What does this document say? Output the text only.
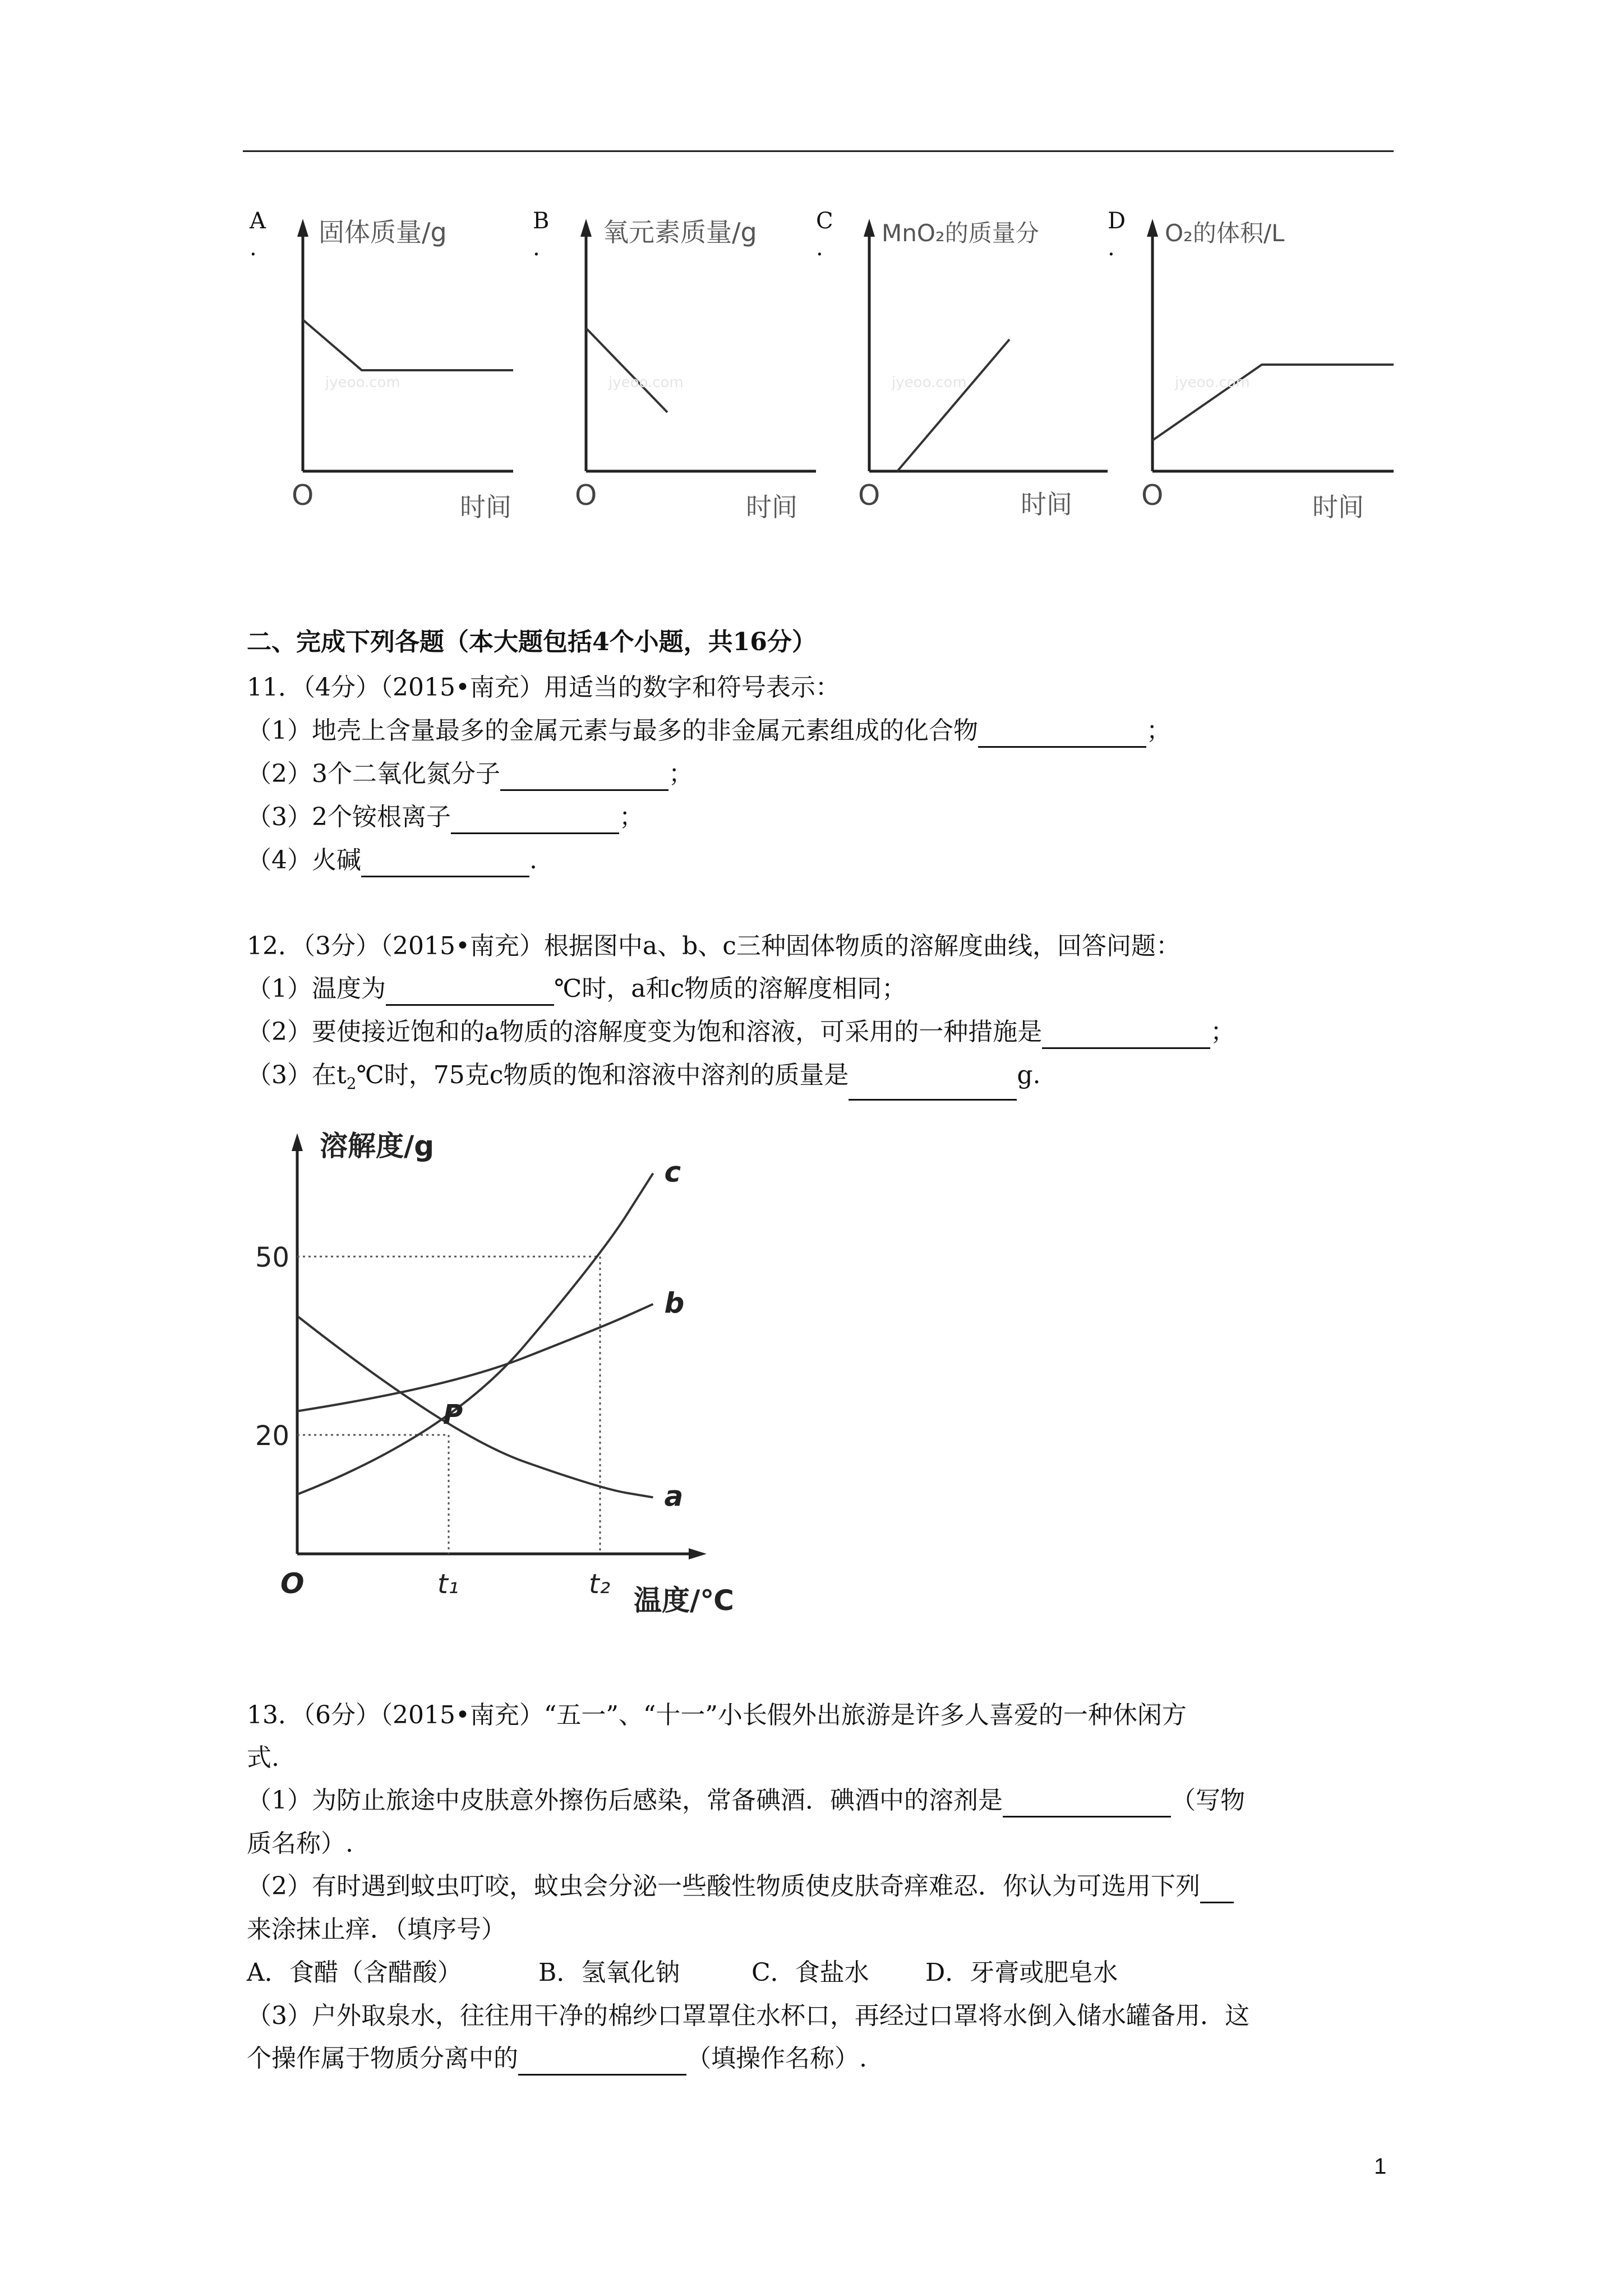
A
.
B
.
C
.
D
.
固体质量/g
O	时间
jyeoo.com
氧元素质量/g
O	时间
jyeoo.com
MnO₂的质量分
O	时间
jyeoo.com
O₂的体积/L
O	时间
jyeoo.com
二、完成下列各题（本大题包括4个小题，共16分）
11．（4分）（2015•南充）用适当的数字和符号表示：
（1）地壳上含量最多的金属元素与最多的非金属元素组成的化合物	；
（2）3个二氧化氮分子	；
（3）2个铵根离子	；
（4）火碱	.
12．（3分）（2015•南充）根据图中a、b、c三种固体物质的溶解度曲线，回答问题：
（1）温度为	℃时，a和c物质的溶解度相同；
（2）要使接近饱和的a物质的溶解度变为饱和溶液，可采用的一种措施是	；
（3）在$t_2℃$时，75克c物质的饱和溶液中溶剂的质量是	g.
溶解度/g
温度/℃
O
50
20
t₁	t₂
a
b
c
P
13．（6分）（2015•南充）“五一”、“十一”小长假外出旅游是许多人喜爱的一种休闲方
式.
（1）为防止旅途中皮肤意外擦伤后感染，常备碘酒．碘酒中的溶剂是	（写物
质名称）.
（2）有时遇到蚊虫叮咬，蚊虫会分泌一些酸性物质使皮肤奇痒难忍．你认为可选用下列
来涂抹止痒．（填序号）
A．食醋（含醋酸）	B．氢氧化钠	C．食盐水 D．牙膏或肥皂水
（3）户外取泉水，往往用干净的棉纱口罩罩住水杯口，再经过口罩将水倒入储水罐备用．这
个操作属于物质分离中的	（填操作名称）.
1
